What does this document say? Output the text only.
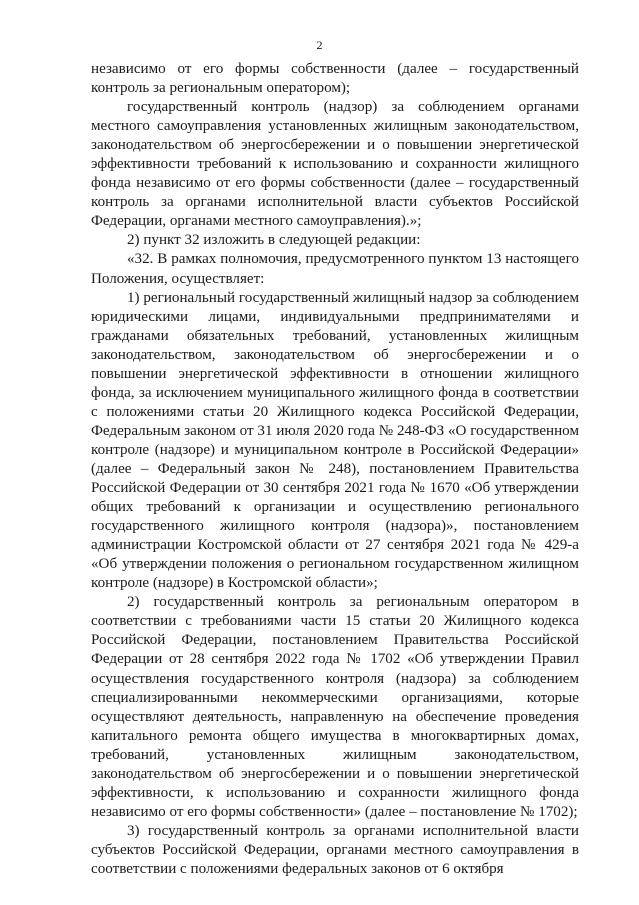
2

независимо от его формы собственности (далее – государственный контроль за региональным оператором);

государственный контроль (надзор) за соблюдением органами местного самоуправления установленных жилищным законодательством, законодательством об энергосбережении и о повышении энергетической эффективности требований к использованию и сохранности жилищного фонда независимо от его формы собственности (далее – государственный контроль за органами исполнительной власти субъектов Российской Федерации, органами местного самоуправления).»;

2) пункт 32 изложить в следующей редакции:

«32. В рамках полномочия, предусмотренного пунктом 13 настоящего Положения, осуществляет:

1) региональный государственный жилищный надзор за соблюдением юридическими лицами, индивидуальными предпринимателями и гражданами обязательных требований, установленных жилищным законодательством, законодательством об энергосбережении и о повышении энергетической эффективности в отношении жилищного фонда, за исключением муниципального жилищного фонда в соответствии с положениями статьи 20 Жилищного кодекса Российской Федерации, Федеральным законом от 31 июля 2020 года № 248-ФЗ «О государственном контроле (надзоре) и муниципальном контроле в Российской Федерации» (далее – Федеральный закон № 248), постановлением Правительства Российской Федерации от 30 сентября 2021 года № 1670 «Об утверждении общих требований к организации и осуществлению регионального государственного жилищного контроля (надзора)», постановлением администрации Костромской области от 27 сентября 2021 года № 429-а «Об утверждении положения о региональном государственном жилищном контроле (надзоре) в Костромской области»;

2) государственный контроль за региональным оператором в соответствии с требованиями части 15 статьи 20 Жилищного кодекса Российской Федерации, постановлением Правительства Российской Федерации от 28 сентября 2022 года № 1702 «Об утверждении Правил осуществления государственного контроля (надзора) за соблюдением специализированными некоммерческими организациями, которые осуществляют деятельность, направленную на обеспечение проведения капитального ремонта общего имущества в многоквартирных домах, требований, установленных жилищным законодательством, законодательством об энергосбережении и о повышении энергетической эффективности, к использованию и сохранности жилищного фонда независимо от его формы собственности» (далее – постановление № 1702);

3) государственный контроль за органами исполнительной власти субъектов Российской Федерации, органами местного самоуправления в соответствии с положениями федеральных законов от 6 октября
